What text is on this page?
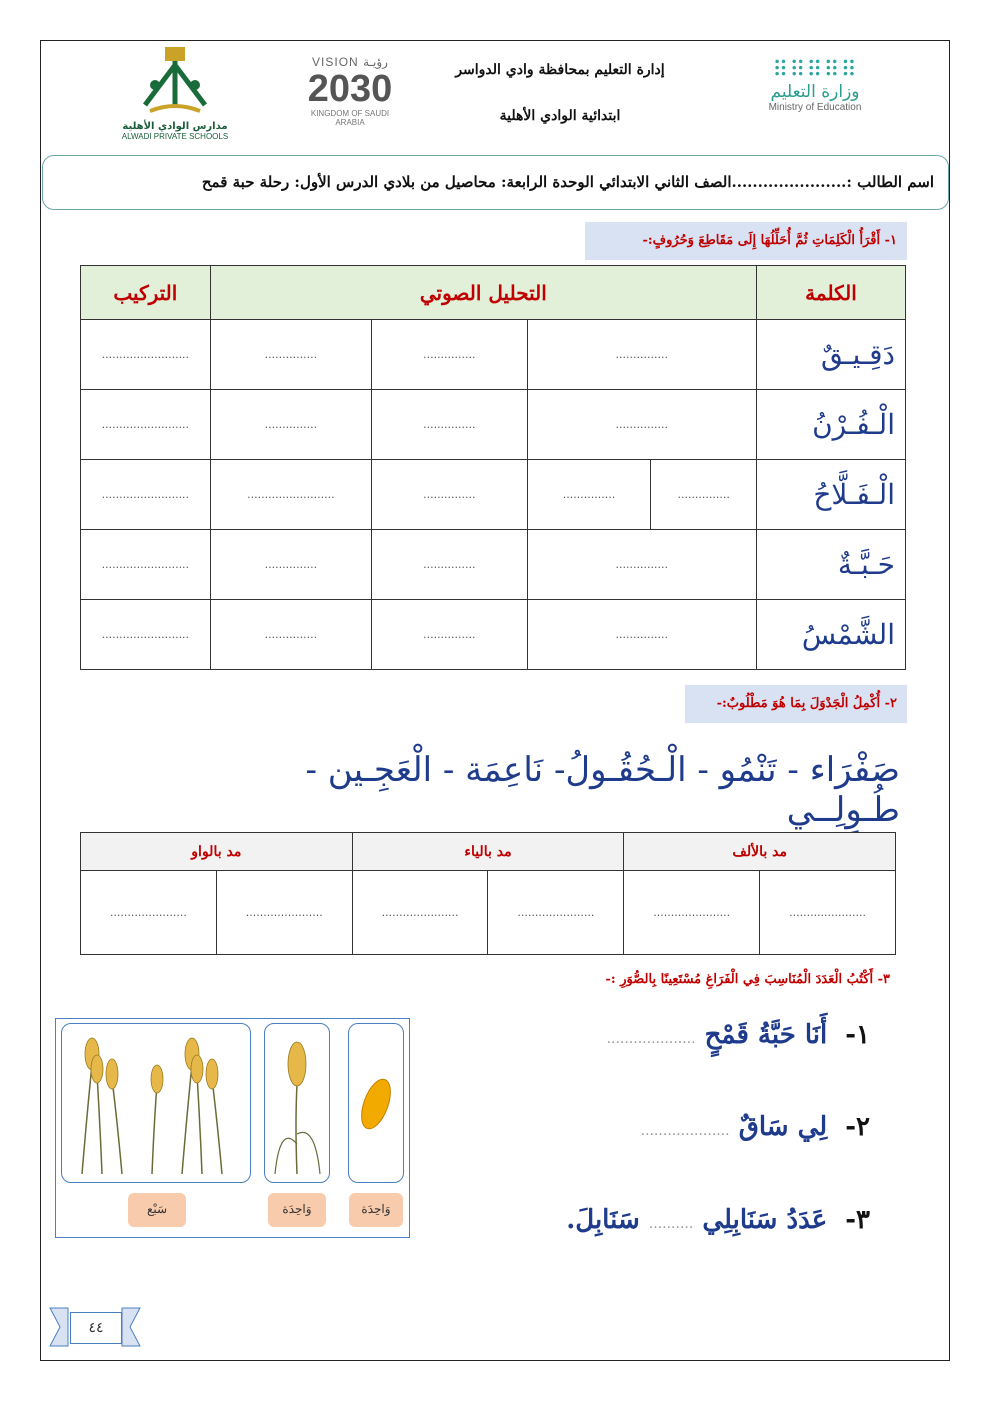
⠿⠿⠿⠿⠿
وزارة التعليم
Ministry of Education
إدارة التعليم بمحافظة وادي الدواسر
ابتدائية الوادي الأهلية
VISION رؤيـة
2030
KINGDOM OF SAUDI ARABIA
مدارس الوادي الأهلية
ALWADI PRIVATE SCHOOLS
اسم الطالب :......................الصف الثاني الابتدائي الوحدة الرابعة: محاصيل من بلادي الدرس الأول: رحلة حبة قمح
١- أَقْرَأُ الْكَلِمَاتِ ثُمَّ أُحَلِّلُهَا إِلَى مَقَاطِعَ وَحُرُوفٍ:-
التركيب	التحليل الصوتي				الكلمة
.........................	...............	...............	...............		دَقِـيـقٌ
.........................	...............	...............	...............		الْـفُـرْنُ
.........................	.........................	...............	...............	...............	الْـفَـلَّاحُ
.........................	...............	...............	...............		حَـبَّـةٌ
.........................	...............	...............	...............		الشَّمْسُ
٢- أُكْمِلُ الْجَدْوَلَ بِمَا هُوَ مَطْلُوبٌ:-
صَفْرَاء - تَنْمُو - الْـحُقُـولُ- نَاعِمَة - الْعَجِـين - طُـوِلِــي
مد بالواو		مد بالياء		مد بالألف	
......................	......................	......................	......................	......................	......................
٣- أَكْتُبُ الْعَدَدَ الْمُنَاسِبَ فِي الْفَرَاغِ مُسْتَعِينًا بِالصُّوَرِ :-
١-أَنَا حَبَّةُ قَمْحٍ ....................
٢-لِي سَاقٌ ....................
٣-عَدَدُ سَنَابِلِي .......... سَنَابِلَ.
سَبْع	وَاحِدَة	وَاحِدَة
٤٤
